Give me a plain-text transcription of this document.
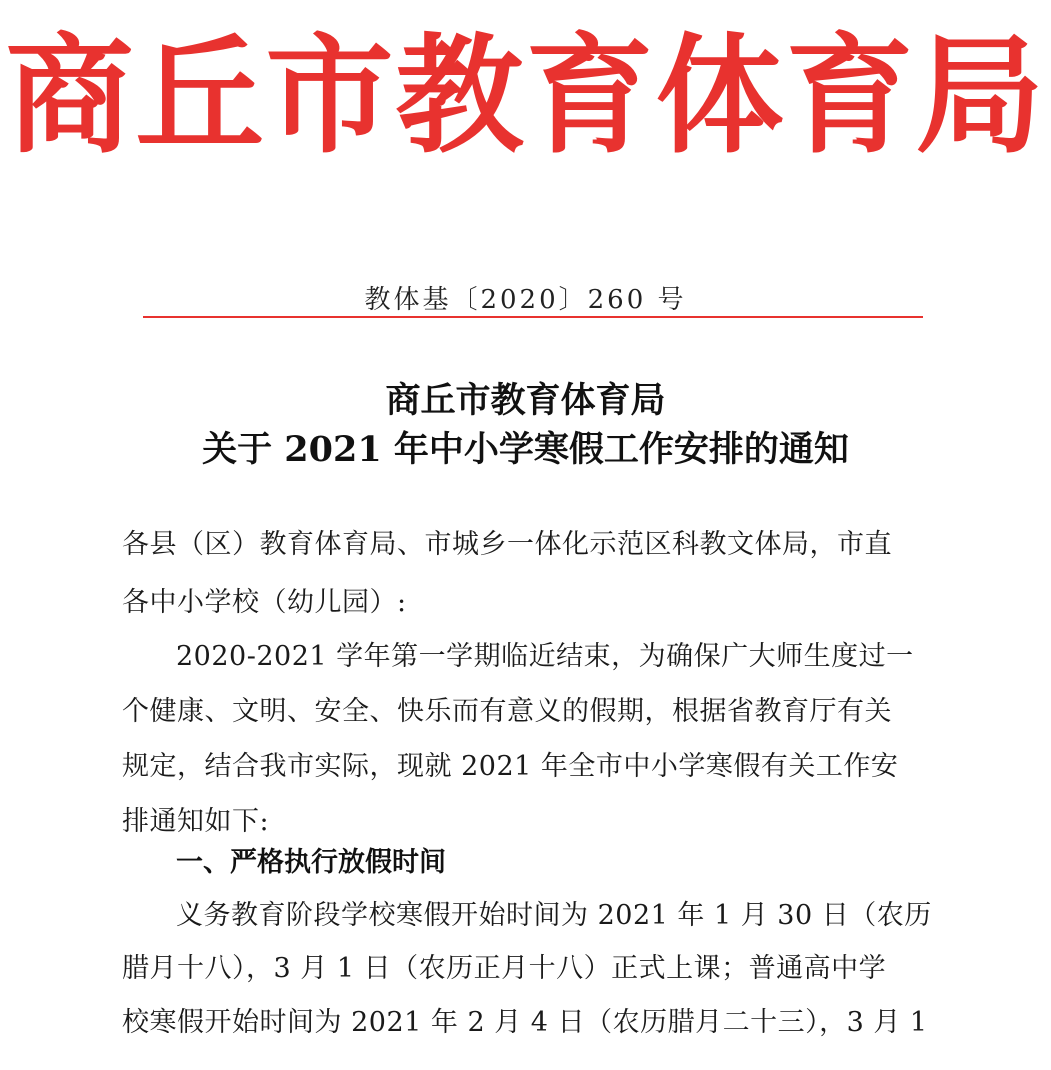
商丘市教育体育局
教体基〔2020〕260 号
商丘市教育体育局
关于 2021 年中小学寒假工作安排的通知
各县（区）教育体育局、市城乡一体化示范区科教文体局，市直
各中小学校（幼儿园）:
2020-2021 学年第一学期临近结束，为确保广大师生度过一
个健康、文明、安全、快乐而有意义的假期，根据省教育厅有关
规定，结合我市实际，现就 2021 年全市中小学寒假有关工作安
排通知如下:
一、严格执行放假时间
义务教育阶段学校寒假开始时间为 2021 年 1 月 30 日（农历
腊月十八），3 月 1 日（农历正月十八）正式上课；普通高中学
校寒假开始时间为 2021 年 2 月 4 日（农历腊月二十三），3 月 1
